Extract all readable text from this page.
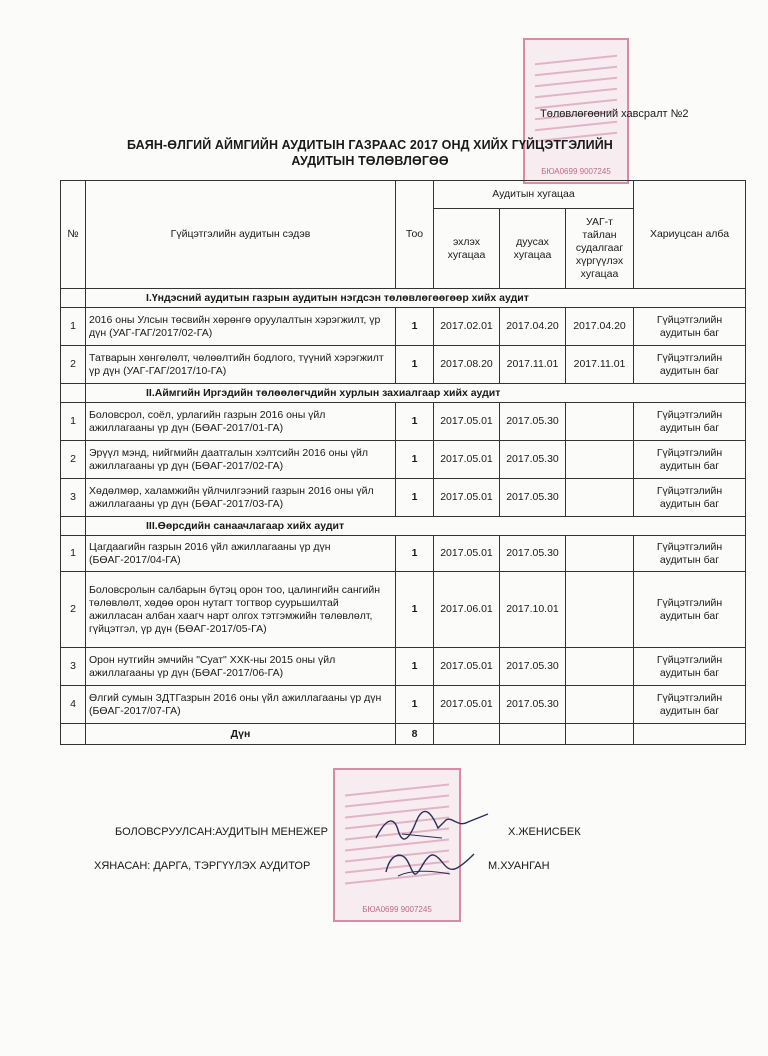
БЮА0699 9007245
Төлөвлөгөөний хавсралт №2
БАЯН-ӨЛГИЙ АЙМГИЙН АУДИТЫН ГАЗРААС 2017 ОНД ХИЙХ ГҮЙЦЭТГЭЛИЙН
АУДИТЫН ТӨЛӨВЛӨГӨӨ
№	Гүйцэтгэлийн аудитын сэдэв	Тоо	Аудитын хугацаа			Хариуцсан алба
			эхлэх хугацаа	дуусах хугацаа	УАГ-т тайлан судалгааг хүргүүлэх хугацаа	
	I.Үндэсний аудитын газрын аудитын нэгдсэн төлөвлөгөөгөөр хийх аудит					
1	2016 оны Улсын төсвийн хөрөнгө оруулалтын хэрэгжилт, үр дүн (УАГ-ГАГ/2017/02-ГА)	1	2017.02.01	2017.04.20	2017.04.20	Гүйцэтгэлийн аудитын баг
2	Татварын хөнгөлөлт, чөлөөлтийн бодлого, түүний хэрэгжилт үр дүн (УАГ-ГАГ/2017/10-ГА)	1	2017.08.20	2017.11.01	2017.11.01	Гүйцэтгэлийн аудитын баг
	II.Аймгийн Иргэдийн төлөөлөгчдийн хурлын захиалгаар хийх аудит					
1	Боловсрол, соёл, урлагийн газрын 2016 оны үйл ажиллагааны үр дүн (БӨАГ-2017/01-ГА)	1	2017.05.01	2017.05.30		Гүйцэтгэлийн аудитын баг
2	Эрүүл мэнд, нийгмийн даатгалын хэлтсийн 2016 оны үйл ажиллагааны үр дүн (БӨАГ-2017/02-ГА)	1	2017.05.01	2017.05.30		Гүйцэтгэлийн аудитын баг
3	Хөдөлмөр, халамжийн үйлчилгээний газрын 2016 оны үйл ажиллагааны үр дүн (БӨАГ-2017/03-ГА)	1	2017.05.01	2017.05.30		Гүйцэтгэлийн аудитын баг
	III.Өөрсдийн санаачлагаар хийх аудит					
1	Цагдаагийн газрын 2016 үйл ажиллагааны үр дүн (БӨАГ-2017/04-ГА)	1	2017.05.01	2017.05.30		Гүйцэтгэлийн аудитын баг
2	Боловсролын салбарын бүтэц орон тоо, цалингийн сангийн төлөвлөлт, хөдөө орон нутагт тогтвор суурьшилтай ажилласан албан хаагч нарт олгох тэтгэмжийн төлөвлөлт, гүйцэтгэл, үр дүн (БӨАГ-2017/05-ГА)	1	2017.06.01	2017.10.01		Гүйцэтгэлийн аудитын баг
3	Орон нутгийн эмчийн "Суат" ХХК-ны 2015 оны үйл ажиллагааны үр дүн (БӨАГ-2017/06-ГА)	1	2017.05.01	2017.05.30		Гүйцэтгэлийн аудитын баг
4	Өлгий сумын ЗДТГазрын 2016 оны үйл ажиллагааны үр дүн (БӨАГ-2017/07-ГА)	1	2017.05.01	2017.05.30		Гүйцэтгэлийн аудитын баг
	Дүн	8				
БЮА0699 9007245
БОЛОВСРУУЛСАН:АУДИТЫН МЕНЕЖЕР	Х.ЖЕНИСБЕК
ХЯНАСАН: ДАРГА, ТЭРГҮҮЛЭХ АУДИТОР	М.ХУАНГАН
